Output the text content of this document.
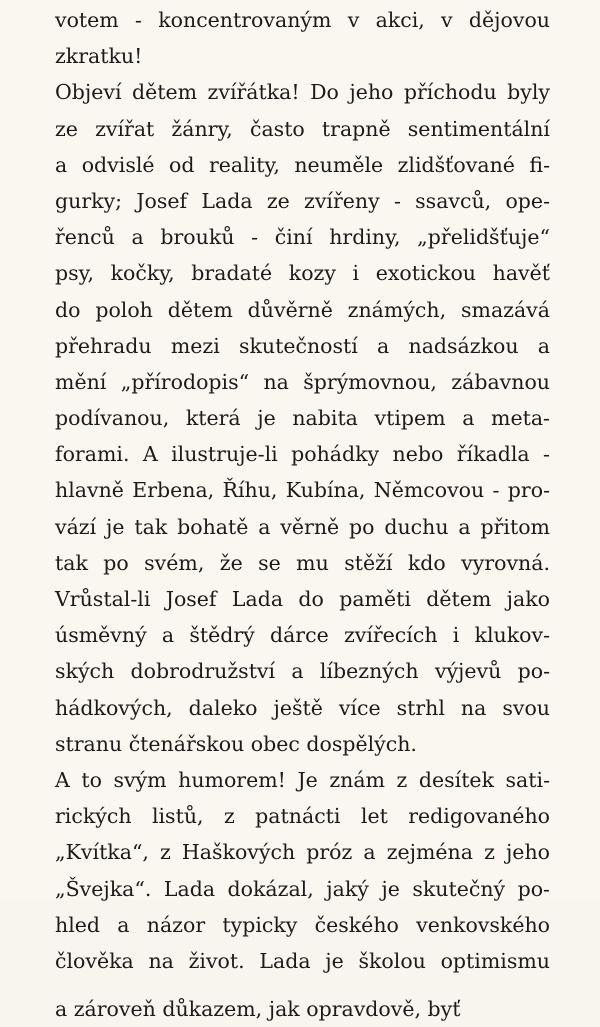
votem - koncentrovaným v akci, v dějovou
zkratku!
Objeví dětem zvířátka! Do jeho příchodu byly
ze zvířat žánry, často trapně sentimentální
a odvislé od reality, neuměle zlidšťované fi-
gurky; Josef Lada ze zvířeny - ssavců, ope-
řenců a brouků - činí hrdiny, „přelidšťuje“
psy, kočky, bradaté kozy i exotickou havěť
do poloh dětem důvěrně známých, smazává
přehradu mezi skutečností a nadsázkou a
mění „přírodopis“ na šprýmovnou, zábavnou
podívanou, která je nabita vtipem a meta-
forami. A ilustruje-li pohádky nebo říkadla -
hlavně Erbena, Říhu, Kubína, Němcovou - pro-
vází je tak bohatě a věrně po duchu a přitom
tak po svém, že se mu stěží kdo vyrovná.
Vrůstal-li Josef Lada do paměti dětem jako
úsměvný a štědrý dárce zvířecích i klukov-
ských dobrodružství a líbezných výjevů po-
hádkových, daleko ještě více strhl na svou
stranu čtenářskou obec dospělých.
A to svým humorem! Je znám z desítek sati-
rických listů, z patnácti let redigovaného
„Kvítka“, z Haškových próz a zejména z jeho
„Švejka“. Lada dokázal, jaký je skutečný po-
hled a názor typicky českého venkovského
člověka na život. Lada je školou optimismu
a zároveň důkazem, jak opravdově, byť
